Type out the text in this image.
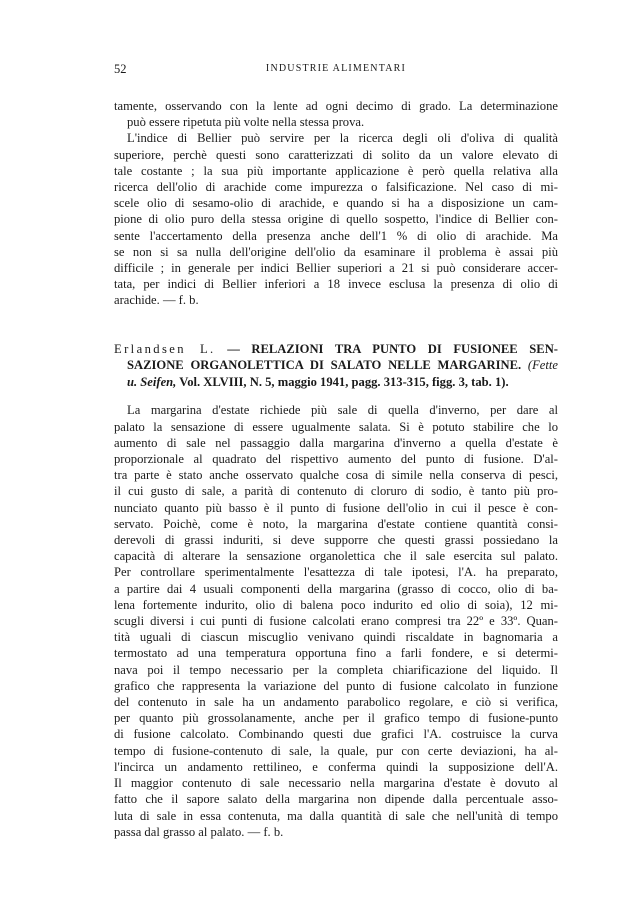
52	INDUSTRIE ALIMENTARI
tamente, osservando con la lente ad ogni decimo di grado. La determinazione
può essere ripetuta più volte nella stessa prova.
L'indice di Bellier può servire per la ricerca degli oli d'oliva di qualità
superiore, perchè questi sono caratterizzati di solito da un valore elevato di
tale costante ; la sua più importante applicazione è però quella relativa alla
ricerca dell'olio di arachide come impurezza o falsificazione. Nel caso di mi-
scele olio di sesamo-olio di arachide, e quando si ha a disposizione un cam-
pione di olio puro della stessa origine di quello sospetto, l'indice di Bellier con-
sente l'accertamento della presenza anche dell'1 % di olio di arachide. Ma
se non si sa nulla dell'origine dell'olio da esaminare il problema è assai più
difficile ; in generale per indici Bellier superiori a 21 si può considerare accer-
tata, per indici di Bellier inferiori a 18 invece esclusa la presenza di olio di
arachide. — f. b.
Erlandsen L. — RELAZIONI TRA PUNTO DI FUSIONEE SEN-
SAZIONE ORGANOLETTICA DI SALATO NELLE MARGARINE. (Fette
u. Seifen, Vol. XLVIII, N. 5, maggio 1941, pagg. 313-315, figg. 3, tab. 1).
La margarina d'estate richiede più sale di quella d'inverno, per dare al
palato la sensazione di essere ugualmente salata. Si è potuto stabilire che lo
aumento di sale nel passaggio dalla margarina d'inverno a quella d'estate è
proporzionale al quadrato del rispettivo aumento del punto di fusione. D'al-
tra parte è stato anche osservato qualche cosa di simile nella conserva di pesci,
il cui gusto di sale, a parità di contenuto di cloruro di sodio, è tanto più pro-
nunciato quanto più basso è il punto di fusione dell'olio in cui il pesce è con-
servato. Poichè, come è noto, la margarina d'estate contiene quantità consi-
derevoli di grassi induriti, si deve supporre che questi grassi possiedano la
capacità di alterare la sensazione organolettica che il sale esercita sul palato.
Per controllare sperimentalmente l'esattezza di tale ipotesi, l'A. ha preparato,
a partire dai 4 usuali componenti della margarina (grasso di cocco, olio di ba-
lena fortemente indurito, olio di balena poco indurito ed olio di soia), 12 mi-
scugli diversi i cui punti di fusione calcolati erano compresi tra 22º e 33º. Quan-
tità uguali di ciascun miscuglio venivano quindi riscaldate in bagnomaria a
termostato ad una temperatura opportuna fino a farli fondere, e si determi-
nava poi il tempo necessario per la completa chiarificazione del liquido. Il
grafico che rappresenta la variazione del punto di fusione calcolato in funzione
del contenuto in sale ha un andamento parabolico regolare, e ciò si verifica,
per quanto più grossolanamente, anche per il grafico tempo di fusione-punto
di fusione calcolato. Combinando questi due grafici l'A. costruisce la curva
tempo di fusione-contenuto di sale, la quale, pur con certe deviazioni, ha al-
l'incirca un andamento rettilineo, e conferma quindi la supposizione dell'A.
Il maggior contenuto di sale necessario nella margarina d'estate è dovuto al
fatto che il sapore salato della margarina non dipende dalla percentuale asso-
luta di sale in essa contenuta, ma dalla quantità di sale che nell'unità di tempo
passa dal grasso al palato. — f. b.
